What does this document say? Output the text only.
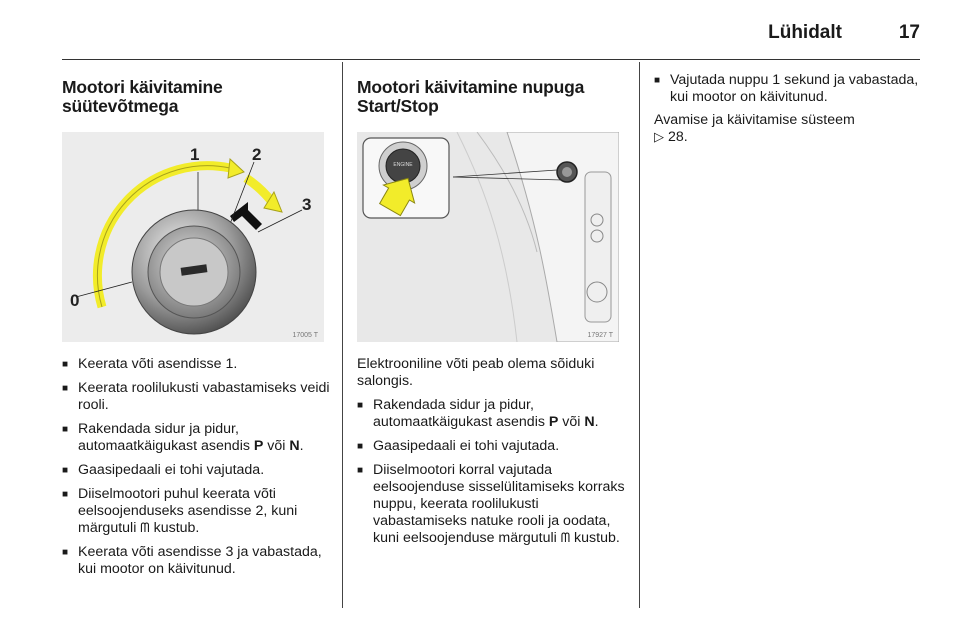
Lühidalt	17
Mootori käivitamine süütevõtmega
0
1	2
3
17005 T
■ Keerata võti asendisse 1.
■ Keerata roolilukusti vabastamiseks veidi rooli.
■ Rakendada sidur ja pidur, automaatkäigukast asendis P või N.
■ Gaasipedaali ei tohi vajutada.
■ Diiselmootori puhul keerata võti eelsoojenduseks asendisse 2, kuni märgutuli ᗰ kustub.
■ Keerata võti asendisse 3 ja vabastada, kui mootor on käivitunud.
Mootori käivitamine nupuga Start/Stop
ENGINE
17927 T

Elektrooniline võti peab olema sõiduki salongis.

■ Rakendada sidur ja pidur, automaatkäigukast asendis P või N.
■ Gaasipedaali ei tohi vajutada.
■ Diiselmootori korral vajutada eelsoojenduse sisselülitamiseks korraks nuppu, keerata roolilukusti vabastamiseks natuke rooli ja oodata, kuni eelsoojenduse märgutuli ᗰ kustub.
■ Vajutada nuppu 1 sekund ja vabastada, kui mootor on käivitunud.

Avamise ja käivitamise süsteem
▷ 28.
